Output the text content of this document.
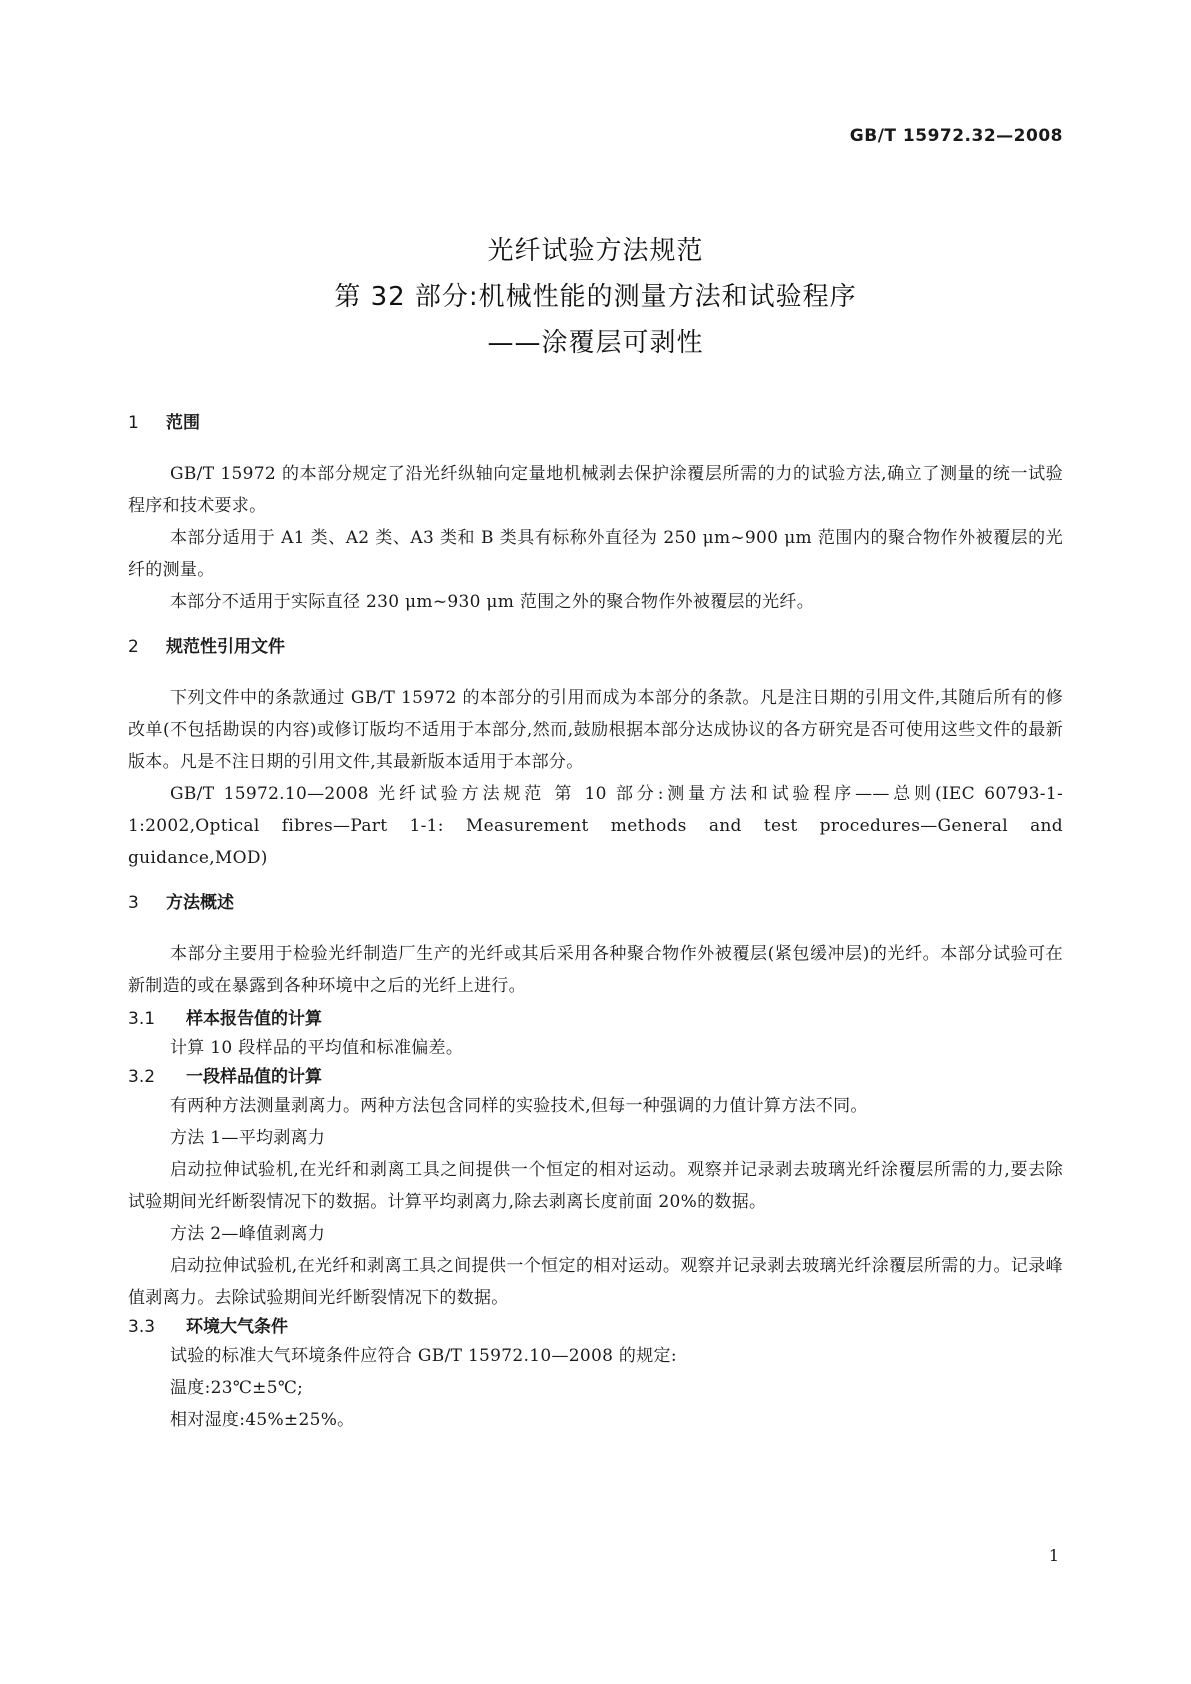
GB/T 15972.32—2008
光纤试验方法规范
第 32 部分:机械性能的测量方法和试验程序
——涂覆层可剥性
1 范围

GB/T 15972 的本部分规定了沿光纤纵轴向定量地机械剥去保护涂覆层所需的力的试验方法,确立了测量的统一试验程序和技术要求。

本部分适用于 A1 类、A2 类、A3 类和 B 类具有标称外直径为 250 μm~900 μm 范围内的聚合物作外被覆层的光纤的测量。

本部分不适用于实际直径 230 μm~930 μm 范围之外的聚合物作外被覆层的光纤。

2 规范性引用文件

下列文件中的条款通过 GB/T 15972 的本部分的引用而成为本部分的条款。凡是注日期的引用文件,其随后所有的修改单(不包括勘误的内容)或修订版均不适用于本部分,然而,鼓励根据本部分达成协议的各方研究是否可使用这些文件的最新版本。凡是不注日期的引用文件,其最新版本适用于本部分。

GB/T 15972.10—2008 光纤试验方法规范 第 10 部分:测量方法和试验程序——总则(IEC 60793-1-1:2002,Optical fibres—Part 1-1: Measurement methods and test procedures—General and guidance,MOD)

3 方法概述

本部分主要用于检验光纤制造厂生产的光纤或其后采用各种聚合物作外被覆层(紧包缓冲层)的光纤。本部分试验可在新制造的或在暴露到各种环境中之后的光纤上进行。

3.1 样本报告值的计算

计算 10 段样品的平均值和标准偏差。

3.2 一段样品值的计算

有两种方法测量剥离力。两种方法包含同样的实验技术,但每一种强调的力值计算方法不同。

方法 1—平均剥离力

启动拉伸试验机,在光纤和剥离工具之间提供一个恒定的相对运动。观察并记录剥去玻璃光纤涂覆层所需的力,要去除试验期间光纤断裂情况下的数据。计算平均剥离力,除去剥离长度前面 20%的数据。

方法 2—峰值剥离力

启动拉伸试验机,在光纤和剥离工具之间提供一个恒定的相对运动。观察并记录剥去玻璃光纤涂覆层所需的力。记录峰值剥离力。去除试验期间光纤断裂情况下的数据。

3.3 环境大气条件

试验的标准大气环境条件应符合 GB/T 15972.10—2008 的规定:

温度:23℃±5℃;

相对湿度:45%±25%。

1
